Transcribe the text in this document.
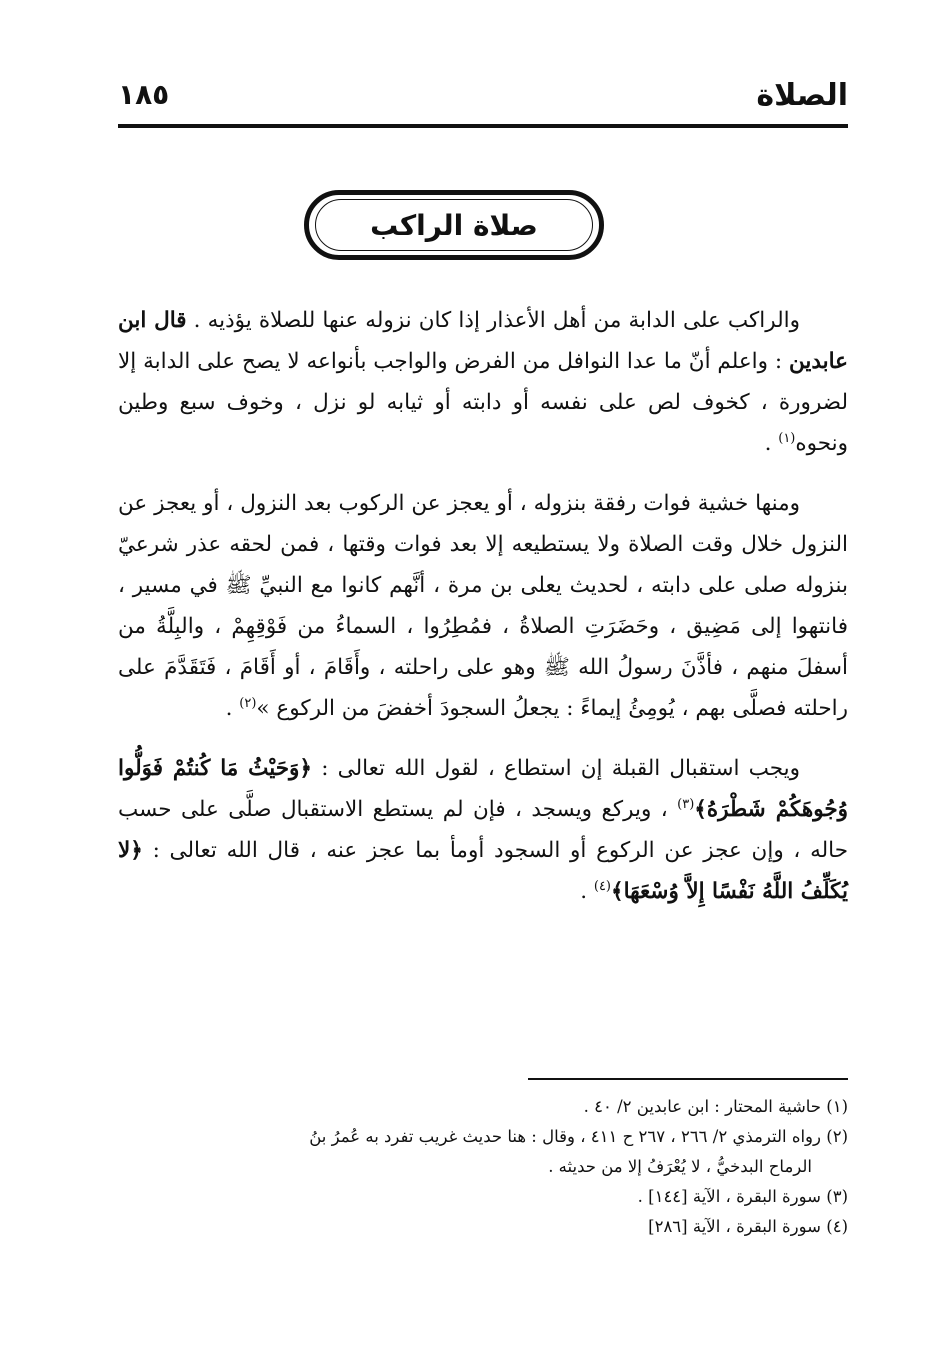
الصلاة
١٨٥
صلاة الراكب

والراكب على الدابة من أهل الأعذار إذا كان نزوله عنها للصلاة يؤذيه . قال ابن عابدين : واعلم أنّ ما عدا النوافل من الفرض والواجب بأنواعه لا يصح على الدابة إلا لضرورة ، كخوف لص على نفسه أو دابته أو ثيابه لو نزل ، وخوف سبع وطين ونحوه$^{(١)}$ .

ومنها خشية فوات رفقة بنزوله ، أو يعجز عن الركوب بعد النزول ، أو يعجز عن النزول خلال وقت الصلاة ولا يستطيعه إلا بعد فوات وقتها ، فمن لحقه عذر شرعيّ بنزوله صلى على دابته ، لحديث يعلى بن مرة ، أنَّهم كانوا مع النبيِّ ﷺ في مسير ، فانتهوا إلى مَضِيق ، وحَضَرَتِ الصلاةُ ، فمُطِرُوا ، السماءُ من فَوْقِهِمْ ، والبِلَّةُ من أسفلَ منهم ، فأذَّنَ رسولُ الله ﷺ وهو على راحلته ، وأَقَامَ ، أو أَقَامَ ، فَتَقَدَّمَ على راحلته فصلَّى بهم ، يُومِئُ إيماءً : يجعلُ السجودَ أخفضَ من الركوع »$^{(٢)}$ .

ويجب استقبال القبلة إن استطاع ، لقول الله تعالى : ﴿وَحَيْثُ مَا كُنتُمْ فَوَلُّوا وُجُوهَكُمْ شَطْرَهُ﴾$^{(٣)}$ ، ويركع ويسجد ، فإن لم يستطع الاستقبال صلَّى على حسب حاله ، وإن عجز عن الركوع أو السجود أومأ بما عجز عنه ، قال الله تعالى : ﴿لا يُكَلِّفُ اللَّهُ نَفْسًا إِلاَّ وُسْعَهَا﴾$^{(٤)}$ .

(١) حاشية المحتار : ابن عابدين ٢/ ٤٠ .
(٢) رواه الترمذي ٢/ ٢٦٦ ، ٢٦٧ ح ٤١١ ، وقال : هنا حديث غريب تفرد به عُمرُ بنُ
الرماح البدخيُّ ، لا يُعْرَفُ إلا من حديثه .
(٣) سورة البقرة ، الآية [١٤٤] .
(٤) سورة البقرة ، الآية [٢٨٦]
